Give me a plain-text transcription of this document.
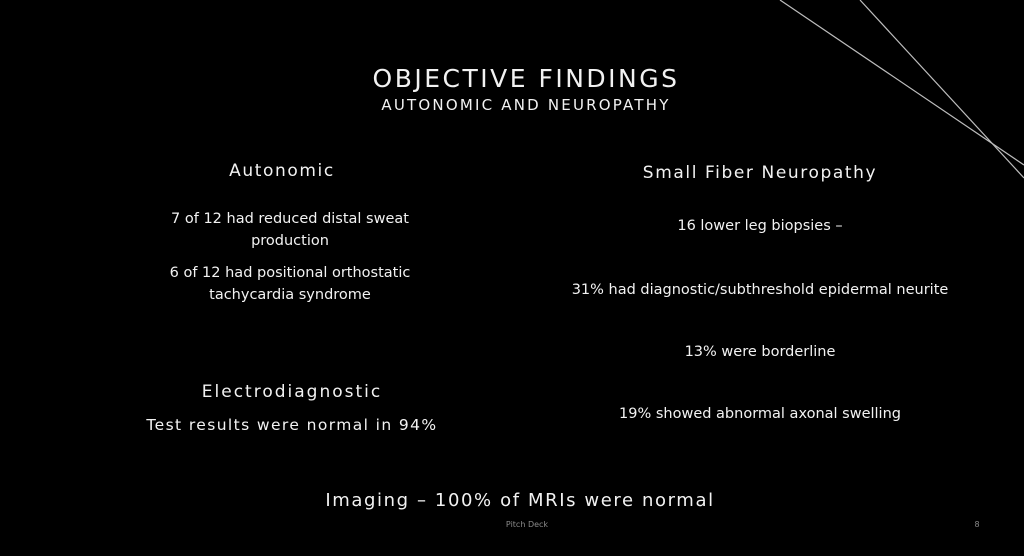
OBJECTIVE FINDINGS
AUTONOMIC AND NEUROPATHY
Autonomic
7 of 12 had reduced distal sweat production
6 of 12 had positional orthostatic tachycardia syndrome
Electrodiagnostic
Test results were normal in 94%
Small Fiber Neuropathy
16 lower leg biopsies –
31% had diagnostic/subthreshold epidermal neurite
13% were borderline
19% showed abnormal axonal swelling
Imaging – 100% of MRIs were normal
Pitch Deck	8
